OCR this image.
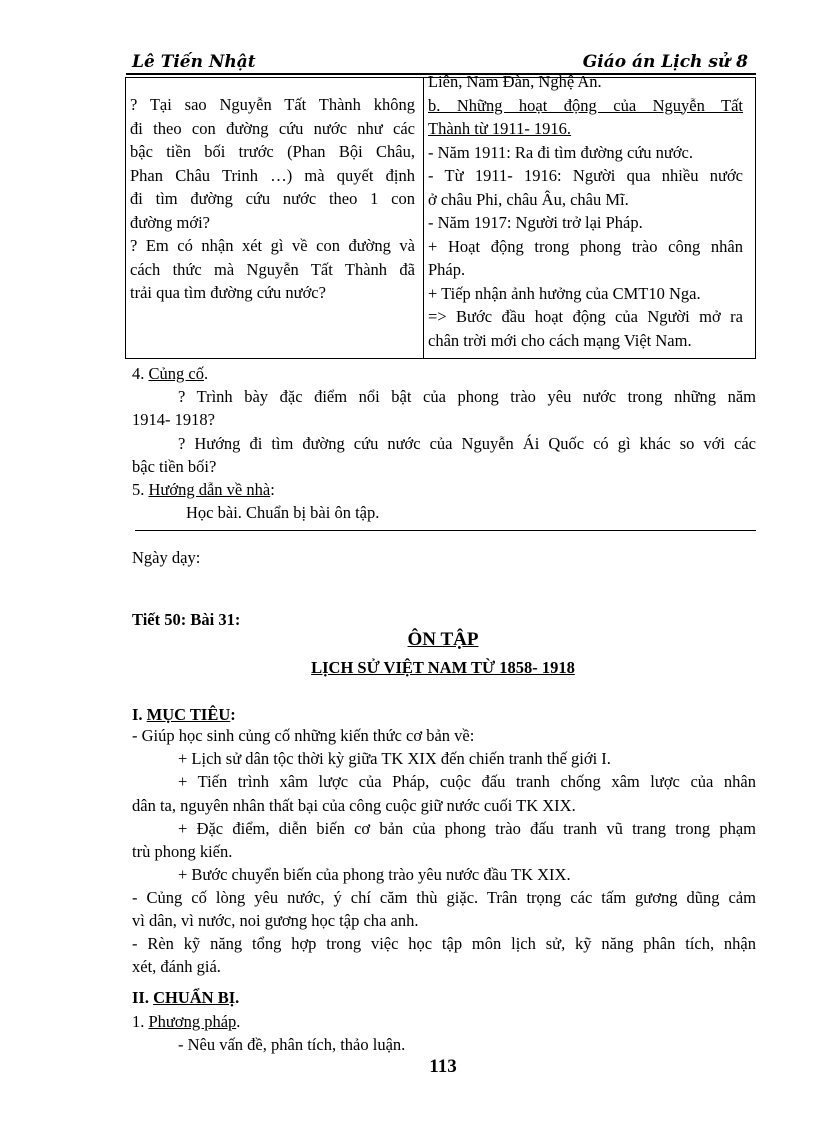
Lê Tiến Nhật	Giáo án Lịch sử 8
? Tại sao Nguyễn Tất Thành không
đi theo con đường cứu nước như các
bậc tiền bối trước (Phan Bội Châu,
Phan Châu Trinh …) mà quyết định
đi tìm đường cứu nước theo 1 con
đường mới?
? Em có nhận xét gì về con đường và
cách thức mà Nguyễn Tất Thành đã
trải qua tìm đường cứu nước?
Liên, Nam Đàn, Nghệ An.
b. Những hoạt động của Nguyễn Tất
Thành từ 1911- 1916.
- Năm 1911: Ra đi tìm đường cứu nước.
- Từ 1911- 1916: Người qua nhiều nước
ở châu Phi, châu Âu, châu Mĩ.
- Năm 1917: Người trở lại Pháp.
+ Hoạt động trong phong trào công nhân
Pháp.
+ Tiếp nhận ảnh hưởng của CMT10 Nga.
=> Bước đầu hoạt động của Người mở ra
chân trời mới cho cách mạng Việt Nam.
4. Củng cố.
? Trình bày đặc điểm nổi bật của phong trào yêu nước trong những năm
1914- 1918?
? Hướng đi tìm đường cứu nước của Nguyễn Ái Quốc có gì khác so với các
bậc tiền bối?
5. Hướng dẫn về nhà:
Học bài. Chuẩn bị bài ôn tập.
Ngày dạy:
Tiết 50: Bài 31:
ÔN TẬP
LỊCH SỬ VIỆT NAM TỪ 1858- 1918
I. MỤC TIÊU:
- Giúp học sinh củng cố những kiến thức cơ bản về:
+ Lịch sử dân tộc thời kỳ giữa TK XIX đến chiến tranh thế giới I.
+ Tiến trình xâm lược của Pháp, cuộc đấu tranh chống xâm lược của nhân
dân ta, nguyên nhân thất bại của công cuộc giữ nước cuối TK XIX.
+ Đặc điểm, diễn biến cơ bản của phong trào đấu tranh vũ trang trong phạm
trù phong kiến.
+ Bước chuyển biến của phong trào yêu nước đầu TK XIX.
- Củng cố lòng yêu nước, ý chí căm thù giặc. Trân trọng các tấm gương dũng cảm
vì dân, vì nước, noi gương học tập cha anh.
- Rèn kỹ năng tổng hợp trong việc học tập môn lịch sử, kỹ năng phân tích, nhận
xét, đánh giá.
II. CHUẨN BỊ.
1. Phương pháp.
- Nêu vấn đề, phân tích, thảo luận.
113
